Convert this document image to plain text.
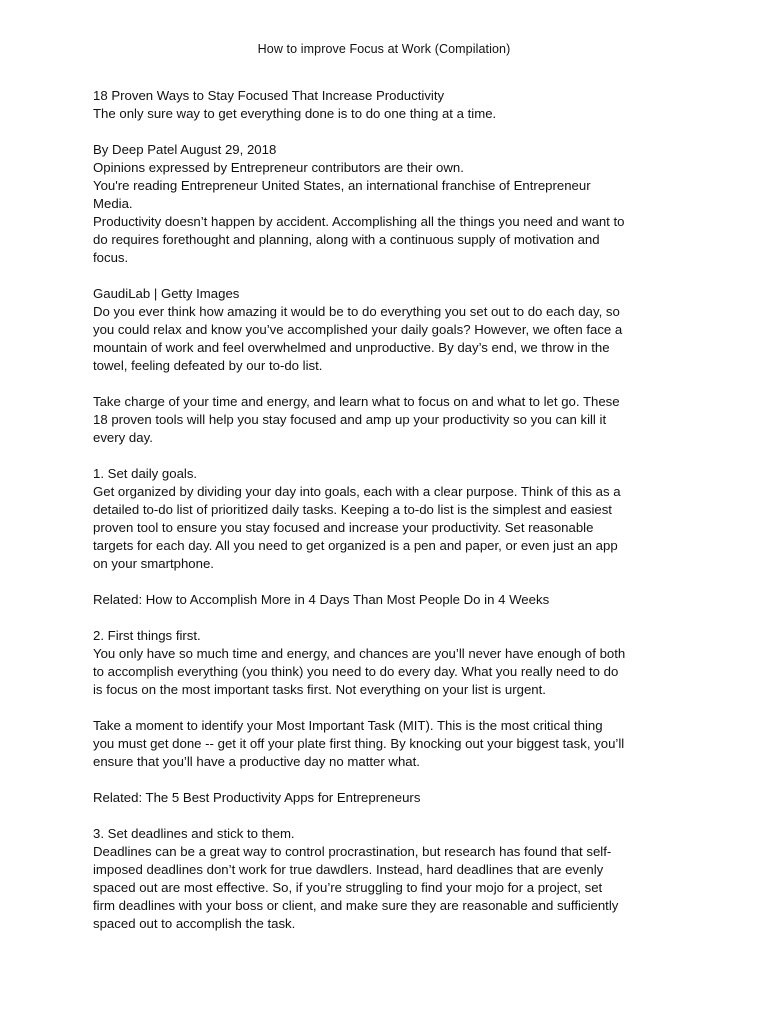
How to improve Focus at Work (Compilation)

18 Proven Ways to Stay Focused That Increase Productivity
The only sure way to get everything done is to do one thing at a time.

By Deep Patel August 29, 2018
Opinions expressed by Entrepreneur contributors are their own.
You're reading Entrepreneur United States, an international franchise of Entrepreneur
Media.
Productivity doesn’t happen by accident. Accomplishing all the things you need and want to
do requires forethought and planning, along with a continuous supply of motivation and
focus.

GaudiLab | Getty Images
Do you ever think how amazing it would be to do everything you set out to do each day, so
you could relax and know you’ve accomplished your daily goals? However, we often face a
mountain of work and feel overwhelmed and unproductive. By day’s end, we throw in the
towel, feeling defeated by our to-do list.

Take charge of your time and energy, and learn what to focus on and what to let go. These
18 proven tools will help you stay focused and amp up your productivity so you can kill it
every day.

1. Set daily goals.
Get organized by dividing your day into goals, each with a clear purpose. Think of this as a
detailed to-do list of prioritized daily tasks. Keeping a to-do list is the simplest and easiest
proven tool to ensure you stay focused and increase your productivity. Set reasonable
targets for each day. All you need to get organized is a pen and paper, or even just an app
on your smartphone.

Related: How to Accomplish More in 4 Days Than Most People Do in 4 Weeks

2. First things first.
You only have so much time and energy, and chances are you’ll never have enough of both
to accomplish everything (you think) you need to do every day. What you really need to do
is focus on the most important tasks first. Not everything on your list is urgent.

Take a moment to identify your Most Important Task (MIT). This is the most critical thing
you must get done -- get it off your plate first thing. By knocking out your biggest task, you’ll
ensure that you’ll have a productive day no matter what.

Related: The 5 Best Productivity Apps for Entrepreneurs

3. Set deadlines and stick to them.
Deadlines can be a great way to control procrastination, but research has found that self-
imposed deadlines don’t work for true dawdlers. Instead, hard deadlines that are evenly
spaced out are most effective. So, if you’re struggling to find your mojo for a project, set
firm deadlines with your boss or client, and make sure they are reasonable and sufficiently
spaced out to accomplish the task.
